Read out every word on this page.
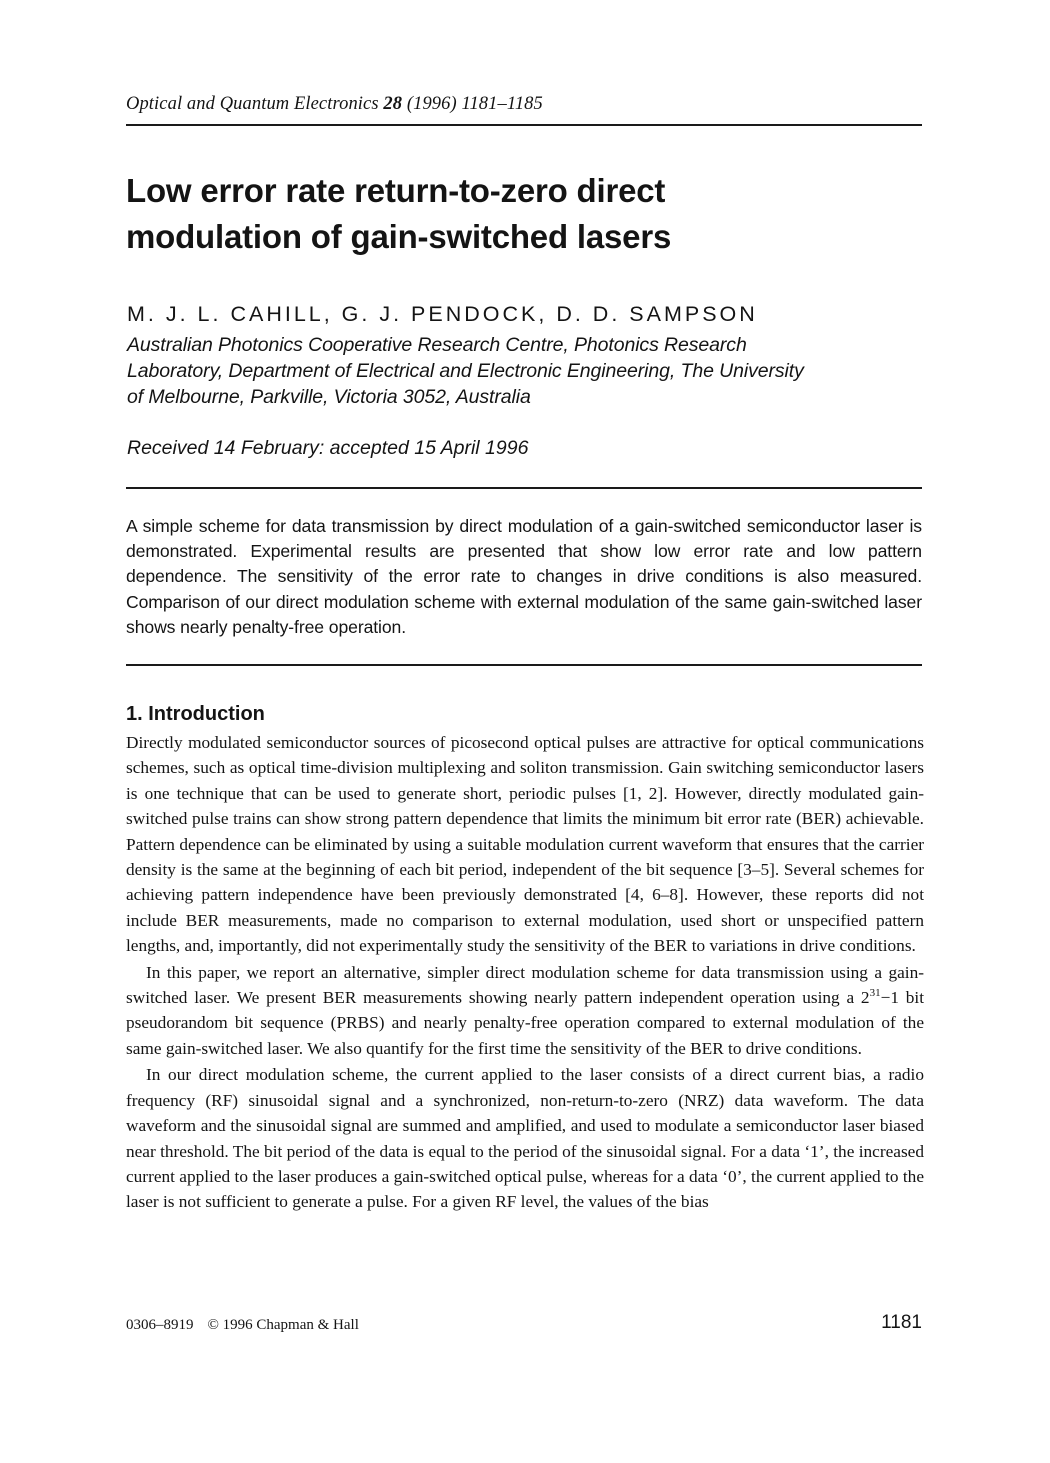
Optical and Quantum Electronics 28 (1996) 1181–1185
Low error rate return-to-zero direct
modulation of gain-switched lasers

M. J. L. CAHILL, G. J. PENDOCK, D. D. SAMPSON

Australian Photonics Cooperative Research Centre, Photonics Research
Laboratory, Department of Electrical and Electronic Engineering, The University
of Melbourne, Parkville, Victoria 3052, Australia

Received 14 February: accepted 15 April 1996

A simple scheme for data transmission by direct modulation of a gain-switched semiconductor laser is demonstrated. Experimental results are presented that show low error rate and low pattern dependence. The sensitivity of the error rate to changes in drive conditions is also measured. Comparison of our direct modulation scheme with external modulation of the same gain-switched laser shows nearly penalty-free operation.

1. Introduction

Directly modulated semiconductor sources of picosecond optical pulses are attractive for optical communications schemes, such as optical time-division multiplexing and soliton transmission. Gain switching semiconductor lasers is one technique that can be used to generate short, periodic pulses [1, 2]. However, directly modulated gain-switched pulse trains can show strong pattern dependence that limits the minimum bit error rate (BER) achievable. Pattern dependence can be eliminated by using a suitable modulation current waveform that ensures that the carrier density is the same at the beginning of each bit period, independent of the bit sequence [3–5]. Several schemes for achieving pattern independence have been previously demonstrated [4, 6–8]. However, these reports did not include BER measurements, made no comparison to external modulation, used short or unspecified pattern lengths, and, importantly, did not experimentally study the sensitivity of the BER to variations in drive conditions.

In this paper, we report an alternative, simpler direct modulation scheme for data transmission using a gain-switched laser. We present BER measurements showing nearly pattern independent operation using a $2^{31}-1$ bit pseudorandom bit sequence (PRBS) and nearly penalty-free operation compared to external modulation of the same gain-switched laser. We also quantify for the first time the sensitivity of the BER to drive conditions.

In our direct modulation scheme, the current applied to the laser consists of a direct current bias, a radio frequency (RF) sinusoidal signal and a synchronized, non-return-to-zero (NRZ) data waveform. The data waveform and the sinusoidal signal are summed and amplified, and used to modulate a semiconductor laser biased near threshold. The bit period of the data is equal to the period of the sinusoidal signal. For a data ‘1’, the increased current applied to the laser produces a gain-switched optical pulse, whereas for a data ‘0’, the current applied to the laser is not sufficient to generate a pulse. For a given RF level, the values of the bias

0306–8919 © 1996 Chapman & Hall	1181
